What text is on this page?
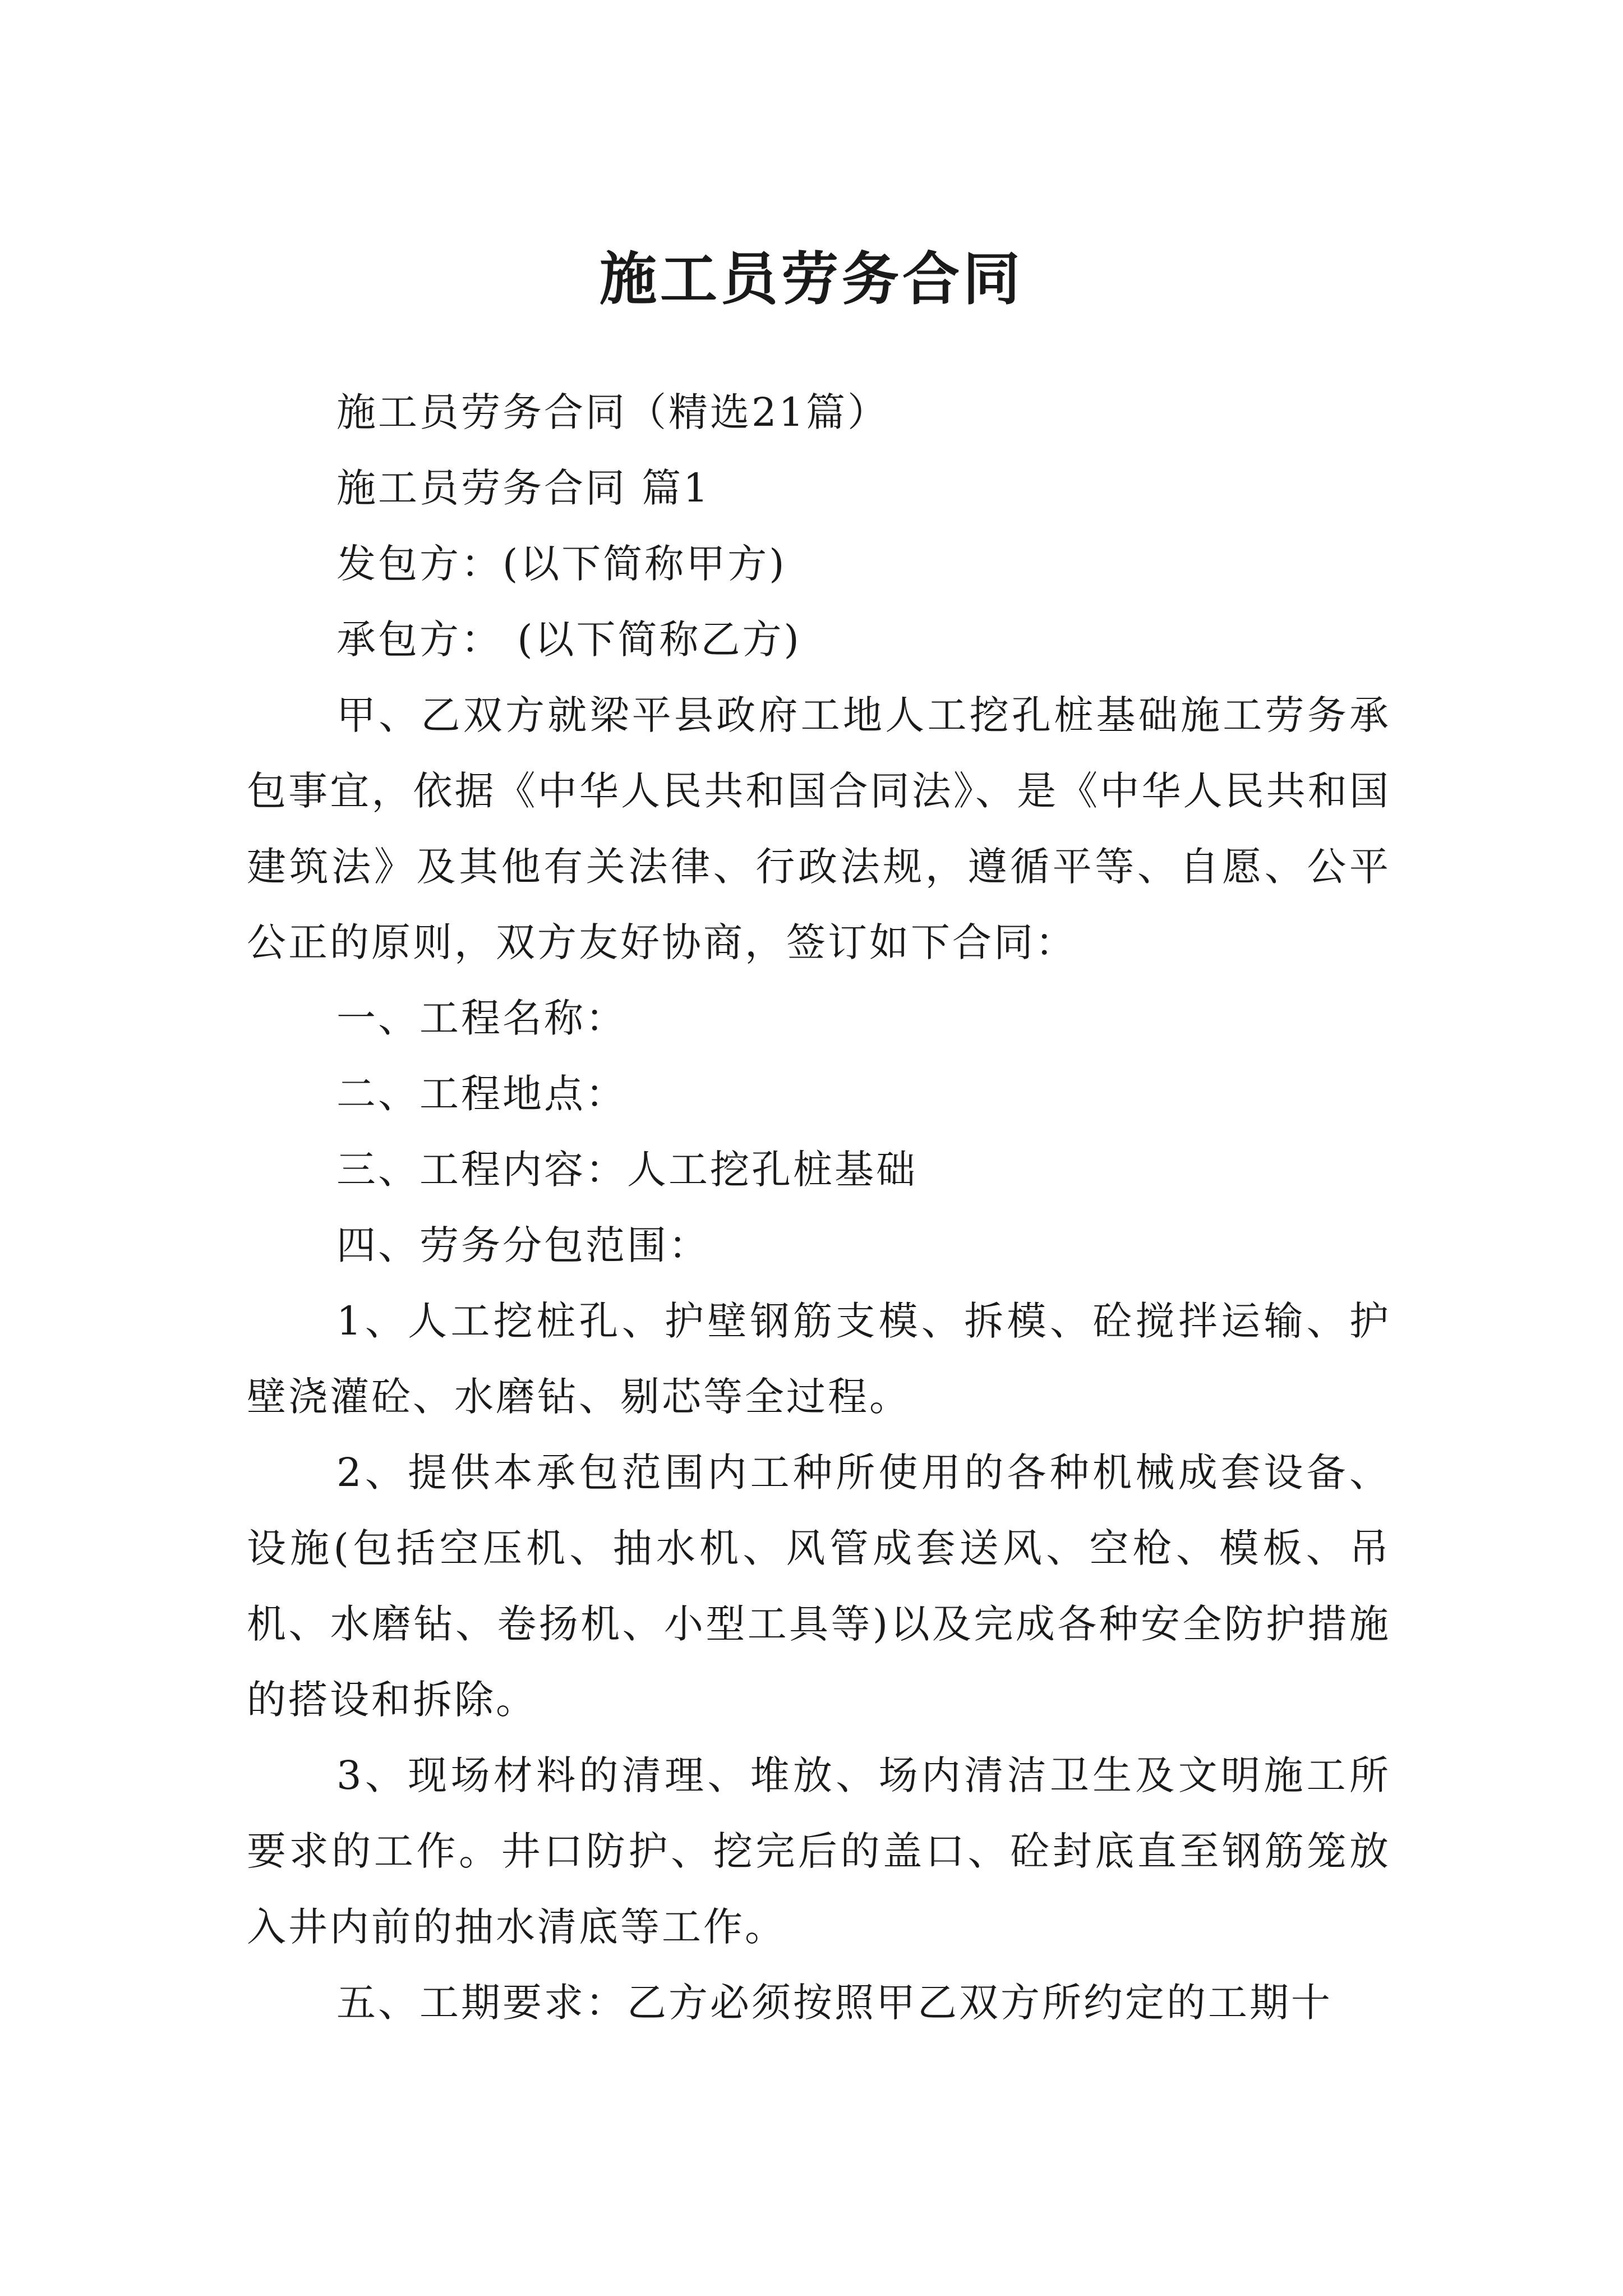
施工员劳务合同

施工员劳务合同（精选21篇）

施工员劳务合同 篇1

发包方：(以下简称甲方)

承包方： (以下简称乙方)

甲、乙双方就梁平县政府工地人工挖孔桩基础施工劳务承包事宜，依据《中华人民共和国合同法》、是《中华人民共和国建筑法》及其他有关法律、行政法规，遵循平等、自愿、公平公正的原则，双方友好协商，签订如下合同：

一、工程名称：

二、工程地点：

三、工程内容：人工挖孔桩基础

四、劳务分包范围：

1、人工挖桩孔、护壁钢筋支模、拆模、砼搅拌运输、护壁浇灌砼、水磨钻、剔芯等全过程。

2、提供本承包范围内工种所使用的各种机械成套设备、设施(包括空压机、抽水机、风管成套送风、空枪、模板、吊机、水磨钻、卷扬机、小型工具等)以及完成各种安全防护措施的搭设和拆除。

3、现场材料的清理、堆放、场内清洁卫生及文明施工所要求的工作。井口防护、挖完后的盖口、砼封底直至钢筋笼放入井内前的抽水清底等工作。

五、工期要求：乙方必须按照甲乙双方所约定的工期十
